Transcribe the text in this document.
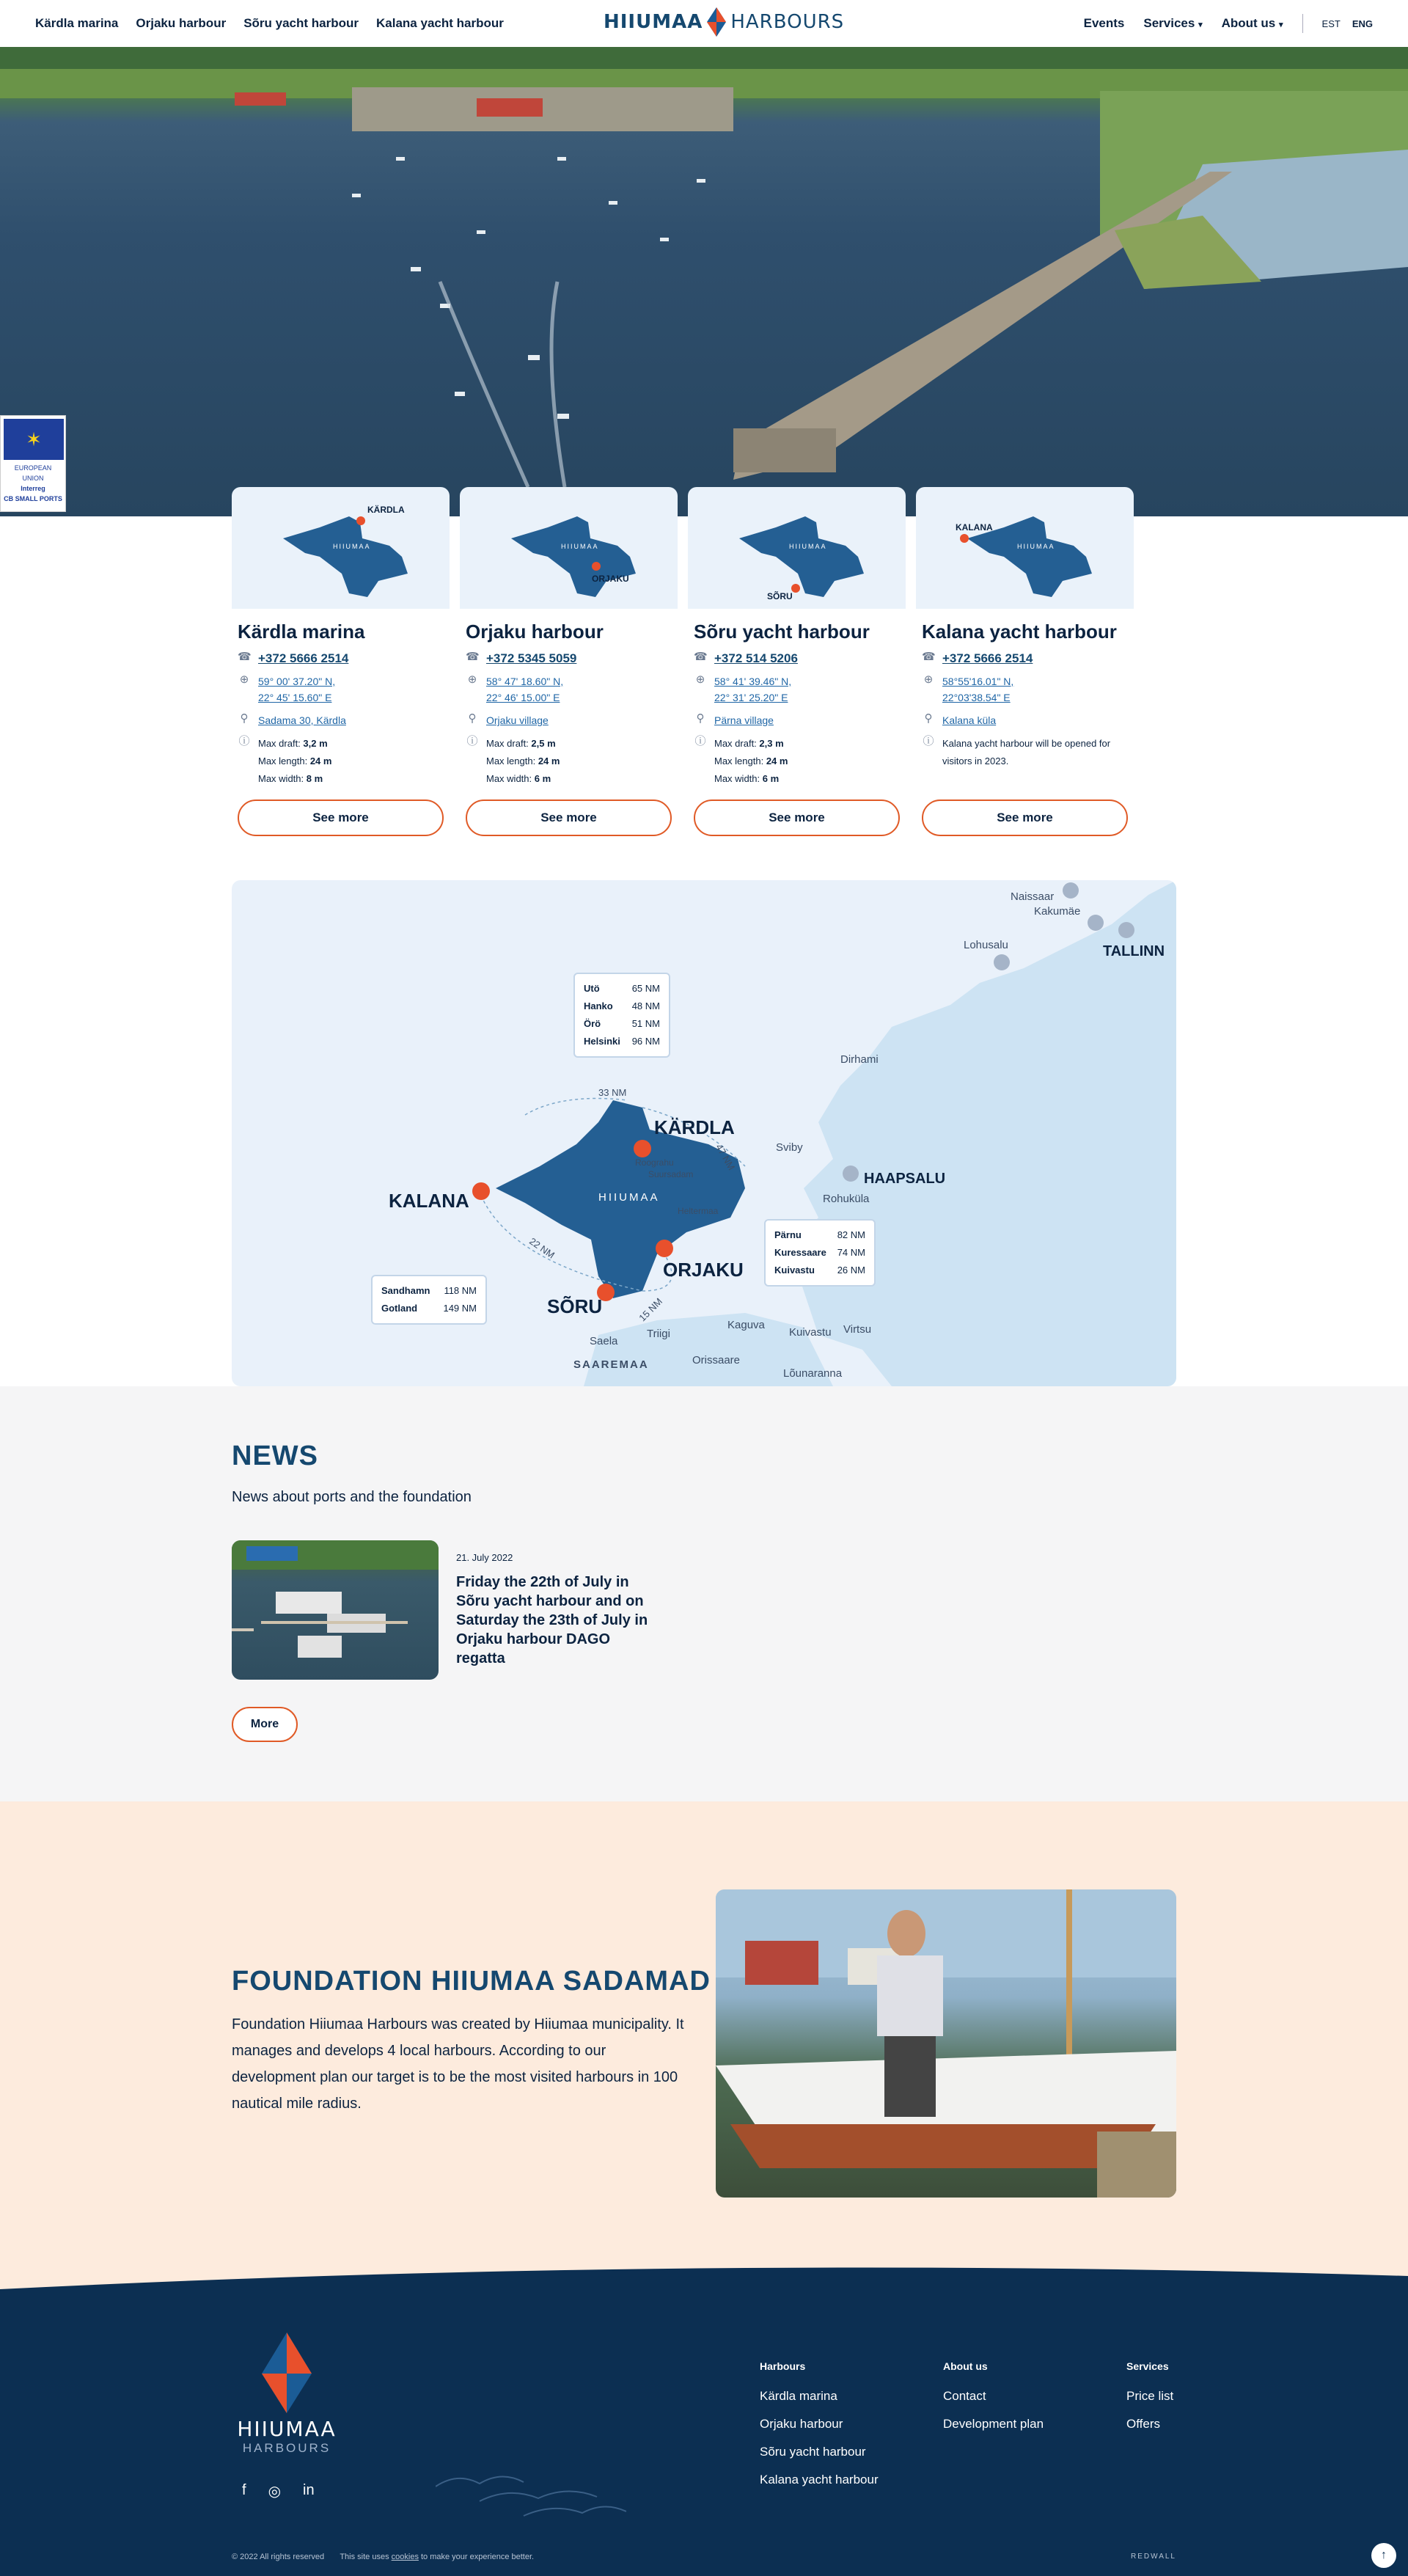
Kärdla marina Orjaku harbour Sõru yacht harbour Kalana yacht harbour	HIIUMAA HARBOURS	Events Services ▾ About us ▾	EST ENG
✶
EUROPEAN UNION
Interreg
CB SMALL PORTS
KÄRDLA
HIIUMAA
Kärdla marina
☎ +372 5666 2514
⊕ 59° 00' 37.20" N,
22° 45' 15.60" E
⚲ Sadama 30, Kärdla
ⓘ Max draft: 3,2 m
Max length: 24 m
Max width: 8 m
See more
ORJAKU
HIIUMAA
Orjaku harbour
☎ +372 5345 5059
⊕ 58° 47' 18.60" N,
22° 46' 15.00" E
⚲ Orjaku village
ⓘ Max draft: 2,5 m
Max length: 24 m
Max width: 6 m
See more
SÕRU
HIIUMAA
Sõru yacht harbour
☎ +372 514 5206
⊕ 58° 41' 39.46" N,
22° 31' 25.20" E
⚲ Pärna village
ⓘ Max draft: 2,3 m
Max length: 24 m
Max width: 6 m
See more
KALANA
HIIUMAA
Kalana yacht harbour
☎ +372 5666 2514
⊕ 58°55'16.01" N,
22°03'38.54" E
⚲ Kalana küla
ⓘ Kalana yacht harbour will be opened for visitors in 2023.
See more
KÄRDLA
KALANA
ORJAKU
SÕRU
HAAPSALU
TALLINN
HIIUMAA
Naissaar
Kakumäe
Lohusalu
Dirhami
Sviby
Rohuküla
Roograhu
Suursadam
Heltermaa
Triigi
Saela
Kaguva
Kuivastu Virtsu
Orissaare
Lõunaranna
SAAREMAA
33 NM
47 NM
22 NM
15 NM
Utö	65 NM
Hanko 48 NM
Örö	51 NM
Helsinki 96 NM
Pärnu	82 NM
Kuressaare 74 NM
Kuivastu 26 NM
Sandhamn 118 NM
Gotland	149 NM
NEWS
News about ports and the foundation
21. July 2022
Friday the 22th of July in Sõru yacht harbour and on Saturday the 23th of July in Orjaku harbour DAGO regatta
More
FOUNDATION HIIUMAA SADAMAD

Foundation Hiiumaa Harbours was created by Hiiumaa municipality. It manages and develops 4 local harbours. According to our development plan our target is to be the most visited harbours in 100 nautical mile radius.

HIIUMAA
HARBOURS
f ◎ in
Harbours
Kärdla marina
Orjaku harbour
Sõru yacht harbour
Kalana yacht harbour
About us
Contact
Development plan
Services
Price list
Offers
© 2022 All rights reserved This site uses cookies to make your experience better.	REDWALL	↑
